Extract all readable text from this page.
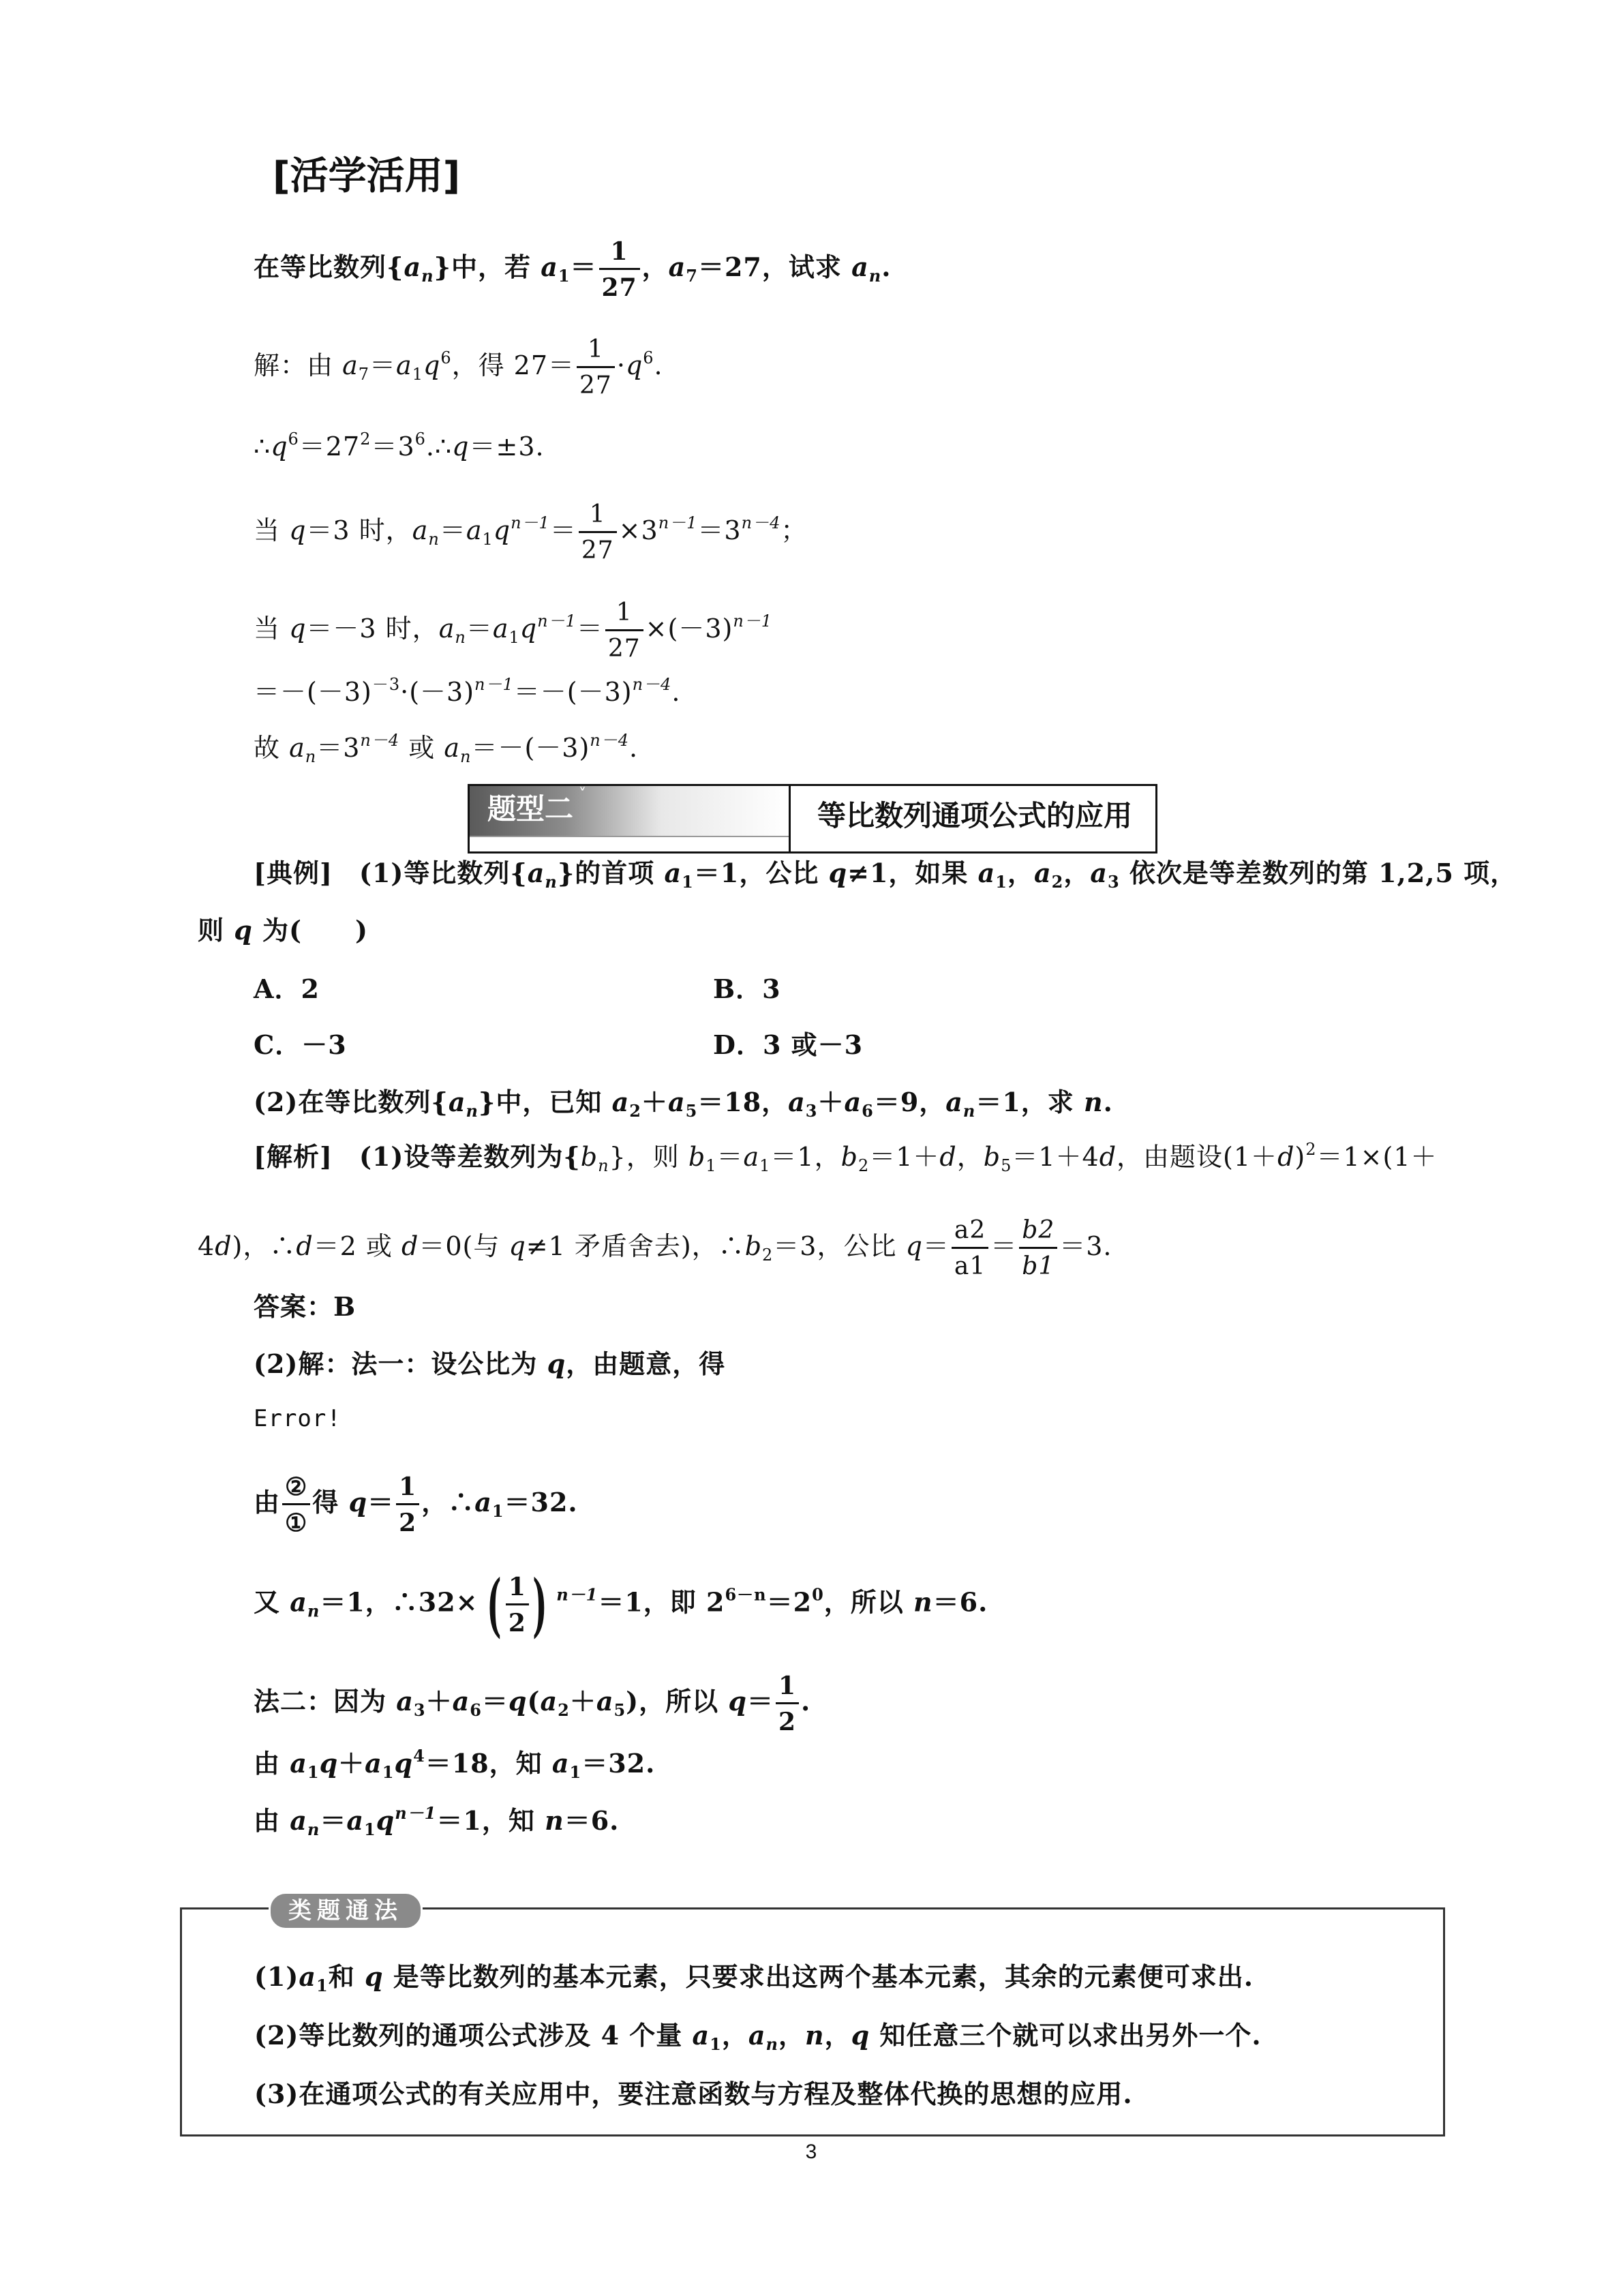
[活学活用]
在等比数列$\{a_n\}$中，若 $a_1= \frac{1}{27}$ ，$a_7=27$，试求 $a_n$.
解：由 $a_7=a_1q^6$，得 $27= \frac{1}{27} \cdot q^6$.
$\therefore q^6=27^2=3^6.\therefore q=\pm 3$.
当 q＝3 时，$a_n=a_1q^{n-1}= \frac{1}{27} \times 3^{n-1}=3^{n-4}$；
当 q＝－3 时，$a_n=a_1q^{n-1}= \frac{1}{27} \times(-3)^{n-1}$
$=-(-3)^{-3}\cdot(-3)^{n-1}=-(-3)^{n-4}$.
故 $a_n=3^{n-4}$ 或 $a_n=-(-3)^{n-4}$.
题型二 ˅
等比数列通项公式的应用
[典例]　(1)等比数列$\{a_n\}$的首项 $a_1=1$，公比 q≠1，如果 $a_1$，$a_2$，$a_3$ 依次是等差数列的第 1,2,5 项，
则 q 为(　　)
A．2	B．3
C．－3	D．3 或－3
(2)在等比数列$\{a_n\}$中，已知 $a_2+a_5=18$，$a_3+a_6=9$，$a_n=1$，求 n.
[解析]　(1)设等差数列为$\{b_n\}$，则 $b_1=a_1=1$，$b_2=1+d$，$b_5=1+4d$，由题设$(1+d)^2=1\times(1+$
4d)，∴d＝2 或 d＝0(与 q≠1 矛盾舍去)，$\therefore b_2=3$，公比 $q= \frac{a2}{a1} = \frac{b2}{b1} =3$.
答案：B
(2)解：法一：设公比为 q，由题意，得
Error!
由 $\frac{\text{②}}{\text{①}}$ 得 $q= \frac{1}{2}$ ，$\therefore a_1=32$.
又 $a_n=1$，∴32× ( $\frac{1}{2}$ ) $^{n-1}$＝1，即 $2^{6-n}=2^0$，所以 n＝6.
法二：因为 $a_3+a_6=q(a_2+a_5)$，所以 $q= \frac{1}{2}$ .
由 $a_1q+a_1q^4=18$，知 $a_1=32$.
由 $a_n=a_1q^{n-1}=1$，知 n＝6.
类题通法
$(1)a_1$和 q 是等比数列的基本元素，只要求出这两个基本元素，其余的元素便可求出.
(2)等比数列的通项公式涉及 4 个量 $a_1$，$a_n$，n，q 知任意三个就可以求出另外一个.
(3)在通项公式的有关应用中，要注意函数与方程及整体代换的思想的应用.
3
